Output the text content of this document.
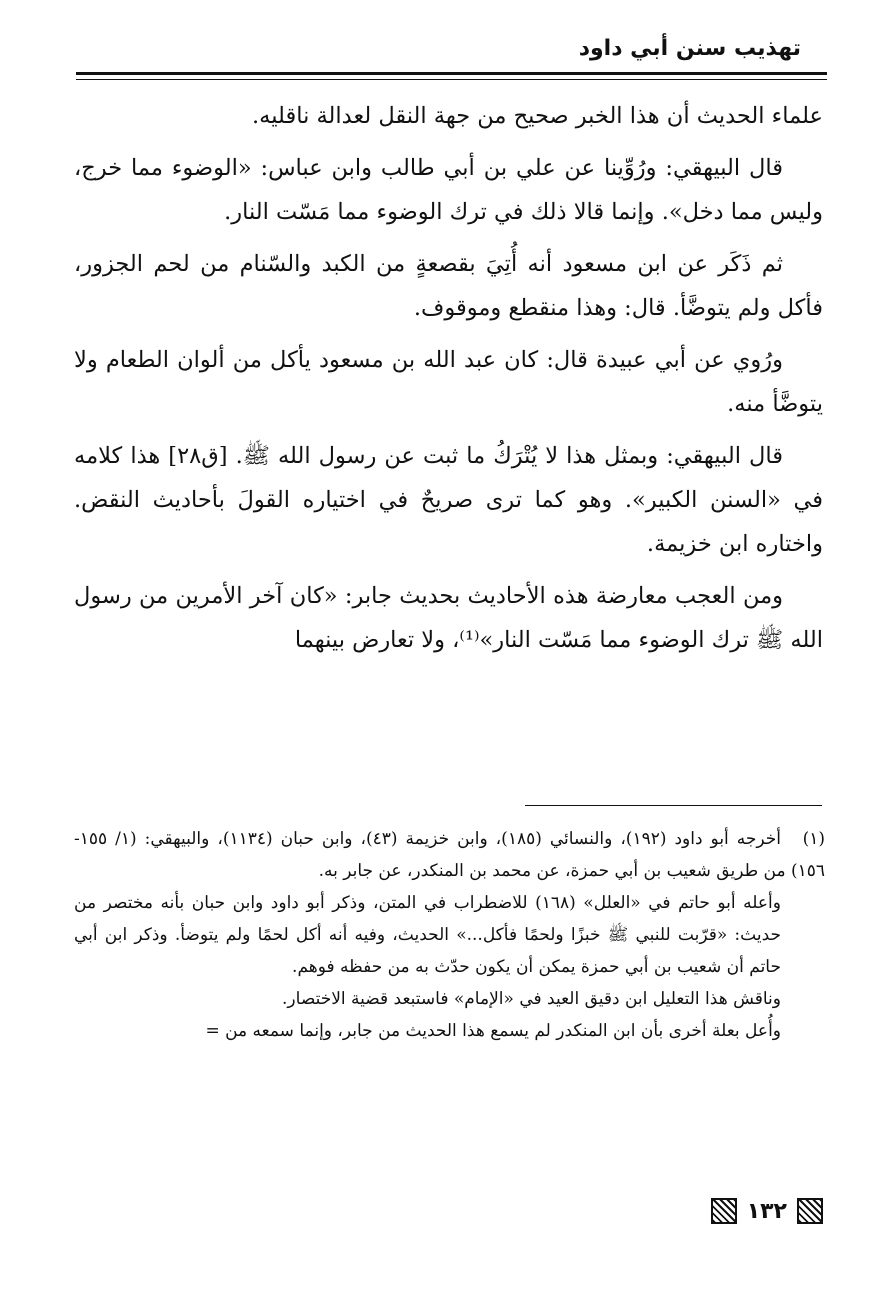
تهذيب سنن أبي داود

علماء الحديث أن هذا الخبر صحيح من جهة النقل لعدالة ناقليه.

قال البيهقي: ورُوِّينا عن علي بن أبي طالب وابن عباس: «الوضوء مما خرج، وليس مما دخل». وإنما قالا ذلك في ترك الوضوء مما مَسّت النار.

ثم ذَكَر عن ابن مسعود أنه أُتِيَ بقصعةٍ من الكبد والسّنام من لحم الجزور، فأكل ولم يتوضَّأ. قال: وهذا منقطع وموقوف.

ورُوي عن أبي عبيدة قال: كان عبد الله بن مسعود يأكل من ألوان الطعام ولا يتوضَّأ منه.

قال البيهقي: وبمثل هذا لا يُتْرَكُ ما ثبت عن رسول الله ﷺ. [ق٢٨] هذا كلامه في «السنن الكبير». وهو كما ترى صريحٌ في اختياره القولَ بأحاديث النقض. واختاره ابن خزيمة.

ومن العجب معارضة هذه الأحاديث بحديث جابر: «كان آخر الأمرين من رسول الله ﷺ ترك الوضوء مما مَسّت النار»⁽¹⁾، ولا تعارض بينهما

(١)أخرجه أبو داود (١٩٢)، والنسائي (١٨٥)، وابن خزيمة (٤٣)، وابن حبان (١١٣٤)، والبيهقي: (١/ ١٥٥- ١٥٦) من طريق شعيب بن أبي حمزة، عن محمد بن المنكدر، عن جابر به.

وأعله أبو حاتم في «العلل» (١٦٨) للاضطراب في المتن، وذكر أبو داود وابن حبان بأنه مختصر من حديث: «قرّبت للنبي ﷺ خبزًا ولحمًا فأكل...» الحديث، وفيه أنه أكل لحمًا ولم يتوضأ. وذكر ابن أبي حاتم أن شعيب بن أبي حمزة يمكن أن يكون حدّث به من حفظه فوهم.

وناقش هذا التعليل ابن دقيق العيد في «الإمام» فاستبعد قضية الاختصار.

وأُعل بعلة أخرى بأن ابن المنكدر لم يسمع هذا الحديث من جابر، وإنما سمعه من =

١٣٢
